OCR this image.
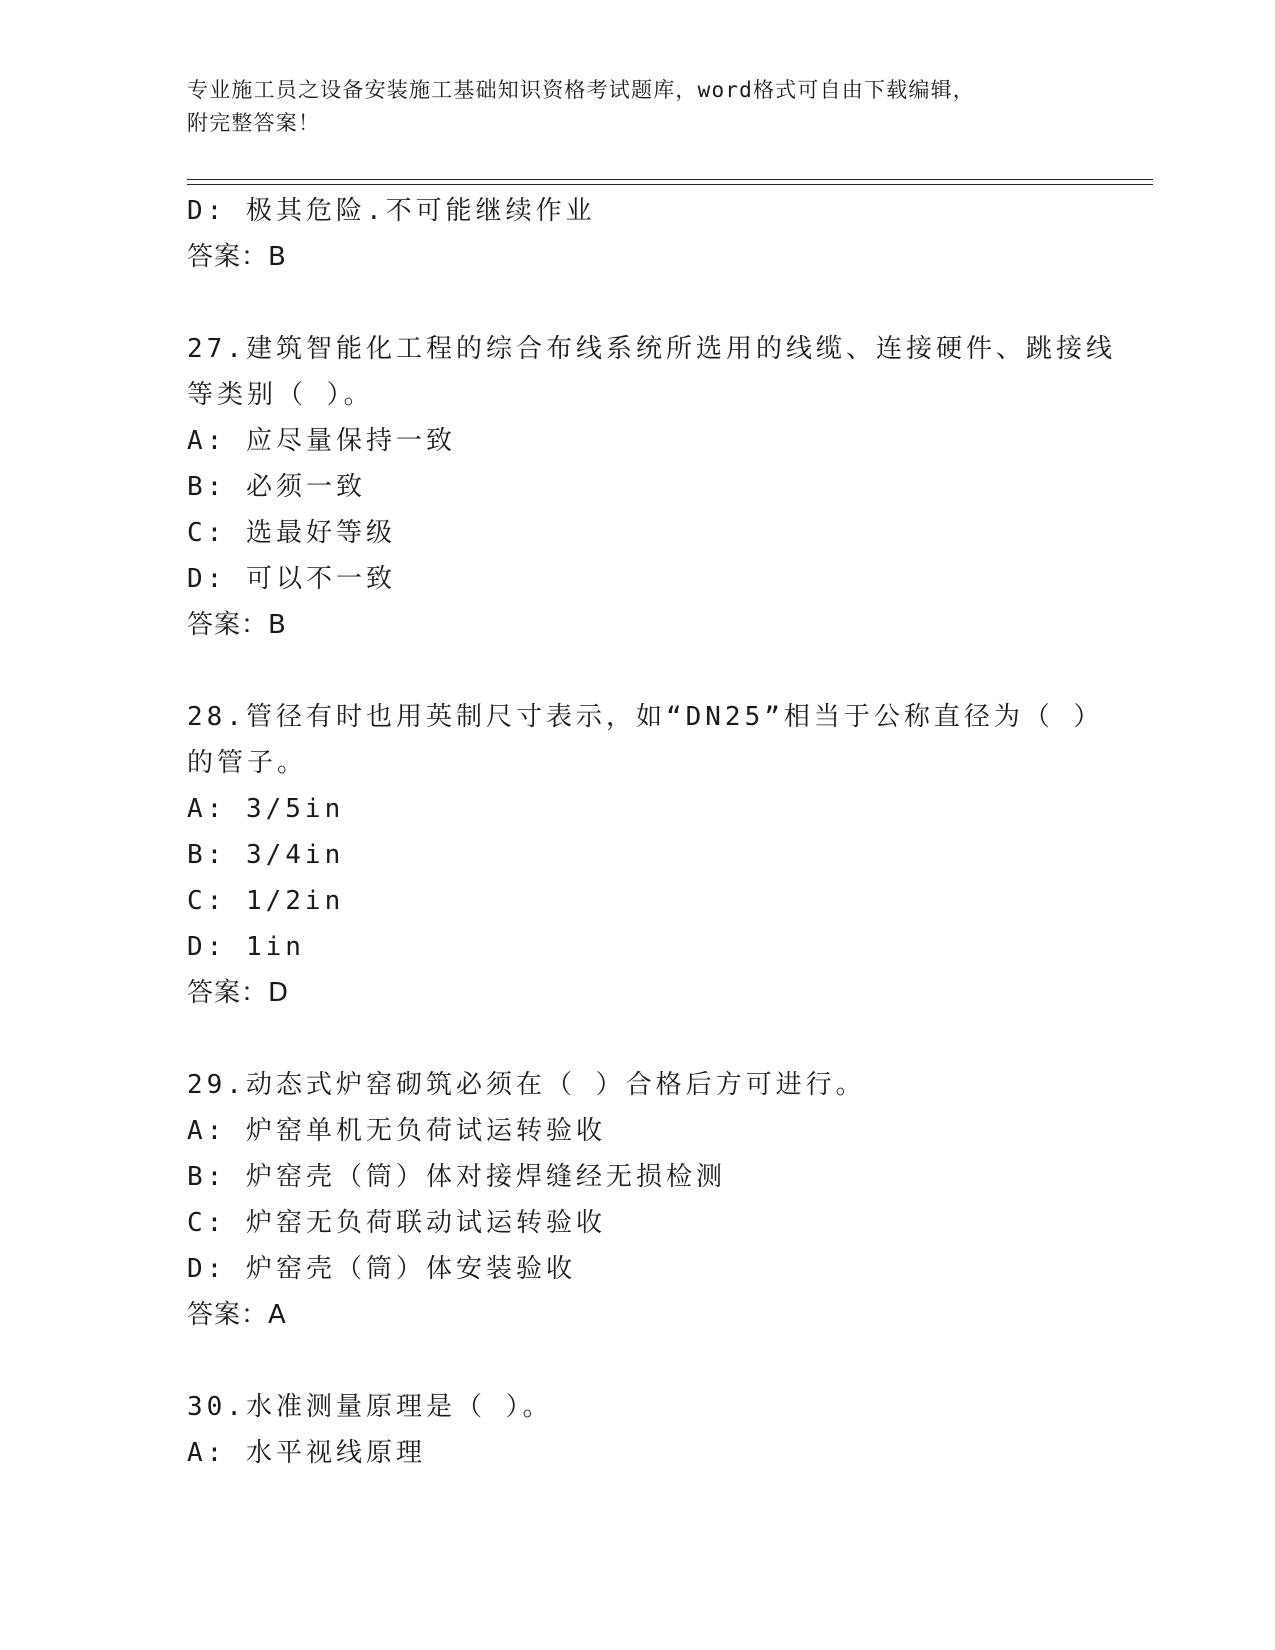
专业施工员之设备安装施工基础知识资格考试题库，word格式可自由下载编辑，
附完整答案！
D: 极其危险.不可能继续作业
答案：B
27.建筑智能化工程的综合布线系统所选用的线缆、连接硬件、跳接线
等类别（ ）。
A: 应尽量保持一致
B: 必须一致
C: 选最好等级
D: 可以不一致
答案：B
28.管径有时也用英制尺寸表示，如“DN25”相当于公称直径为（ ）
的管子。
A: 3/5in
B: 3/4in
C: 1/2in
D: 1in
答案：D
29.动态式炉窑砌筑必须在（ ）合格后方可进行。
A: 炉窑单机无负荷试运转验收
B: 炉窑壳（筒）体对接焊缝经无损检测
C: 炉窑无负荷联动试运转验收
D: 炉窑壳（筒）体安装验收
答案：A
30.水准测量原理是（ ）。
A: 水平视线原理
